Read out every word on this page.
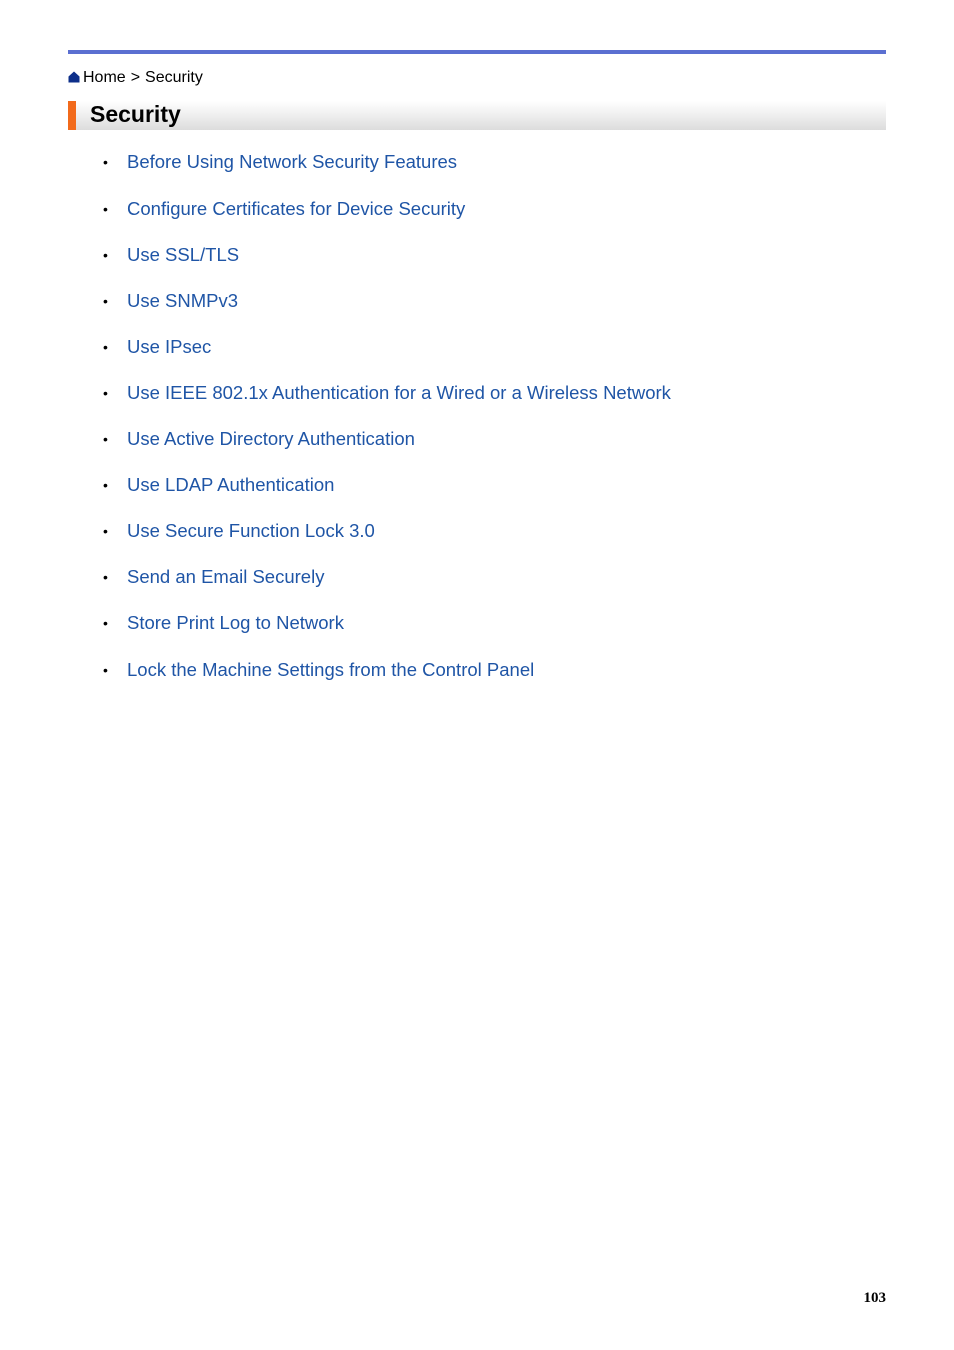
Home > Security
Security
•	Before Using Network Security Features
•	Configure Certificates for Device Security
•	Use SSL/TLS
•	Use SNMPv3
•	Use IPsec
•	Use IEEE 802.1x Authentication for a Wired or a Wireless Network
•	Use Active Directory Authentication
•	Use LDAP Authentication
•	Use Secure Function Lock 3.0
•	Send an Email Securely
•	Store Print Log to Network
•	Lock the Machine Settings from the Control Panel
103
